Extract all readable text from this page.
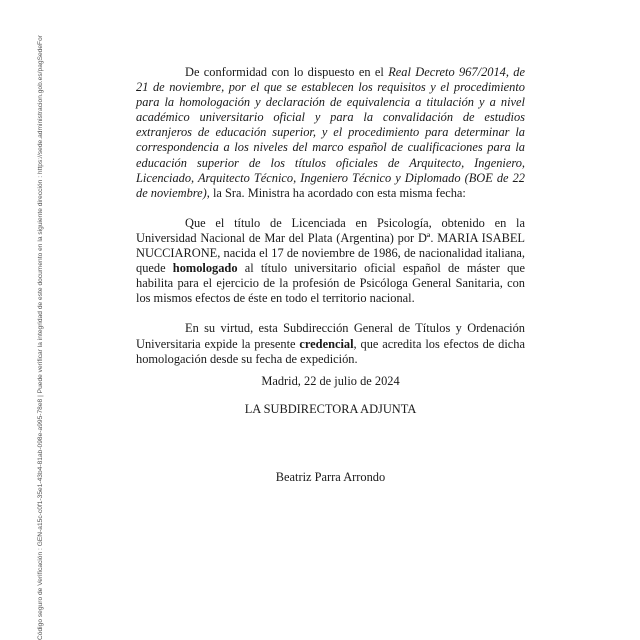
Código seguro de Verificación : GEN-a15c-c0f1-35e1-43b4-81ab-098e-a995-78e8 | Puede verificar la integridad de este documento en la siguiente dirección : https://sede.administracion.gob.es/pagSedeFor	De conformidad con lo dispuesto en el Real Decreto 967/2014, de 21 de noviembre, por el que se establecen los requisitos y el procedimiento para la homologación y declaración de equivalencia a titulación y a nivel académico universitario oficial y para la convalidación de estudios extranjeros de educación superior, y el procedimiento para determinar la correspondencia a los niveles del marco español de cualificaciones para la educación superior de los títulos oficiales de Arquitecto, Ingeniero, Licenciado, Arquitecto Técnico, Ingeniero Técnico y Diplomado (BOE de 22 de noviembre), la Sra. Ministra ha acordado con esta misma fecha:

Que el título de Licenciada en Psicología, obtenido en la Universidad Nacional de Mar del Plata (Argentina) por Dª. MARIA ISABEL NUCCIARONE, nacida el 17 de noviembre de 1986, de nacionalidad italiana, quede homologado al título universitario oficial español de máster que habilita para el ejercicio de la profesión de Psicóloga General Sanitaria, con los mismos efectos de éste en todo el territorio nacional.

En su virtud, esta Subdirección General de Títulos y Ordenación Universitaria expide la presente credencial, que acredita los efectos de dicha homologación desde su fecha de expedición.

Madrid, 22 de julio de 2024
LA SUBDIRECTORA ADJUNTA
Beatriz Parra Arrondo
